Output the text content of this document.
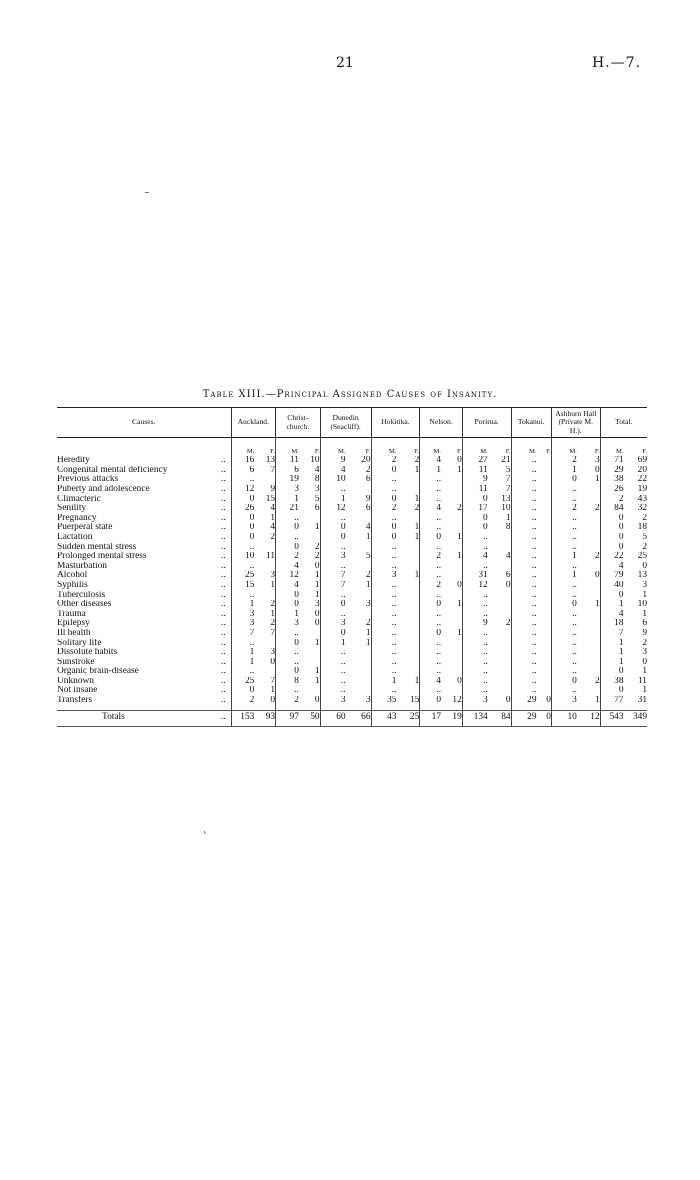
21	H.—7.
Table XIII.—Principal Assigned Causes of Insanity.
Causes.		Auckland.		Christ-church.		Dunedin (Seacliff).		Hokitika.		Nelson.		Porirua.		Tokanui.		Ashburn Hall (Private M. H.).		Total.	
		M.	F.	M.	F.	M.	F.	M.	F.	M.	F.	M.	F.	M.	F.	M.	F.	M.	F.
Heredity	..	16	13	11	10	9	20	2	2	4	0	27	21	..		2	3	71	69
Congenital mental deficiency	..	6	7	6	4	4	2	0	1	1	1	11	5	..		1	0	29	20
Previous attacks	..	..		19	8	10	6	..		..		9	7	..		0	1	38	22
Puberty and adolescence	..	12	9	3	3	..		..		..		11	7	..		..		26	19
Climacteric	..	0	15	1	5	1	9	0	1	..		0	13	..		..		2	43
Senility	..	26	4	21	6	12	6	2	2	4	2	17	10	..		2	2	84	32
Pregnancy	..	0	1	..		..		..		..		0	1	..		..		0	2
Puerperal state	..	0	4	0	1	0	4	0	1	..		0	8	..		..		0	18
Lactation	..	0	2	..		0	1	0	1	0	1	..		..		..		0	5
Sudden mental stress	..	..		0	2	..		..		..		..		..		..		0	2
Prolonged mental stress	..	10	11	2	2	3	5	..		2	1	4	4	..		1	2	22	25
Masturbation	..	..		4	0	..		..		..		..		..		..		4	0
Alcohol	..	25	3	12	1	7	2	3	1	..		31	6	..		1	0	79	13
Syphilis	..	15	1	4	1	7	1	..		2	0	12	0	..		..		40	3
Tuberculosis	..	..		0	1	..		..		..		..		..		..		0	1
Other diseases	..	1	2	0	3	0	3	..		0	1	..		..		0	1	1	10
Trauma	..	3	1	1	0	..		..		..		..		..		..		4	1
Epilepsy	..	3	2	3	0	3	2	..		..		9	2	..		..		18	6
Ill health	..	7	7	..		0	1	..		0	1	..		..		..		7	9
Solitary life	..	..		0	1	1	1	..		..		..		..		..		1	2
Dissolute habits	..	1	3	..		..		..		..		..		..		..		1	3
Sunstroke	..	1	0	..		..		..		..		..		..		..		1	0
Organic brain-disease	..	..		0	1	..		..		..		..		..		..		0	1
Unknown	..	25	7	8	1	..		1	1	4	0	..		..		0	2	38	11
Not insane	..	0	1	..		..		..		..		..		..		..		0	1
Transfers	..	2	0	2	0	3	3	35	15	0	12	3	0	29	0	3	1	77	31

Totals	..	153	93	97	50	60	66	43	25	17	19	134	84	29	0	10	12	543	349
›
